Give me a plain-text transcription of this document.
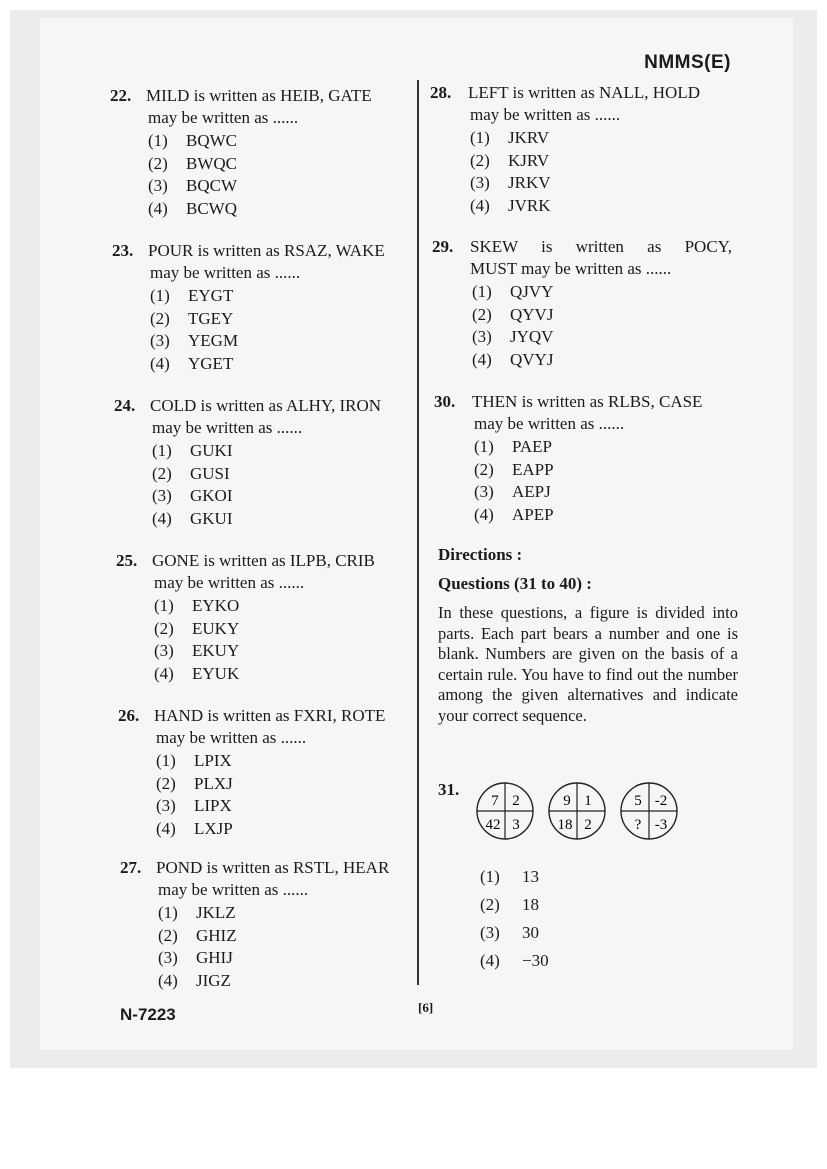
NMMS(E)
22. MILD is written as HEIB, GATE

may be written as ......
(1) BQWC
(2) BWQC
(3) BQCW
(4) BCWQ
23. POUR is written as RSAZ, WAKE

may be written as ......
(1) EYGT
(2) TGEY
(3) YEGM
(4) YGET
24. COLD is written as ALHY, IRON

may be written as ......
(1) GUKI
(2) GUSI
(3) GKOI
(4) GKUI
25. GONE is written as ILPB, CRIB

may be written as ......
(1) EYKO
(2) EUKY
(3) EKUY
(4) EYUK
26. HAND is written as FXRI, ROTE

may be written as ......
(1) LPIX
(2) PLXJ
(3) LIPX
(4) LXJP
27. POND is written as RSTL, HEAR

may be written as ......
(1) JKLZ
(2) GHIZ
(3) GHIJ
(4) JIGZ
28. LEFT is written as NALL, HOLD

may be written as ......
(1) JKRV
(2) KJRV
(3) JRKV
(4) JVRK
29. SKEW is written as POCY,
MUST may be written as ......
(1) QJVY
(2) QYVJ
(3) JYQV
(4) QVYJ
30. THEN is written as RLBS, CASE

may be written as ......
(1) PAEP
(2) EAPP
(3) AEPJ
(4) APEP
Directions :
Questions (31 to 40) :
In these questions, a figure is divided into parts. Each part bears a number and one is blank. Numbers are given on the basis of a certain rule. You have to find out the number among the given alternatives and indicate your correct sequence.
31.
7 2
42 3
9 1
18 2
5 -2
? -3
(1) 13
(2) 18
(3) 30
(4) −30
N-7223	[6]
